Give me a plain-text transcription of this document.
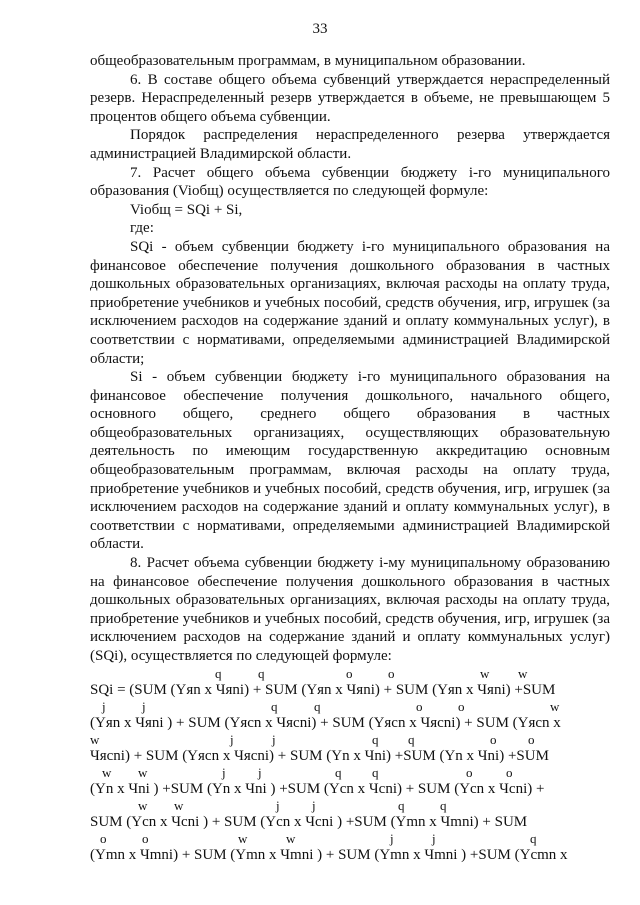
33

общеобразовательным программам, в муниципальном образовании.

6. В составе общего объема субвенций утверждается нераспределенный резерв. Нераспределенный резерв утверждается в объеме, не превышающем 5 процентов общего объема субвенции.

Порядок распределения нераспределенного резерва утверждается администрацией Владимирской области.

7. Расчет общего объема субвенции бюджету i-го муниципального образования (Viобщ) осуществляется по следующей формуле:

Viобщ = SQi + Si,

где:

SQi - объем субвенции бюджету i-го муниципального образования на финансовое обеспечение получения дошкольного образования в частных дошкольных образовательных организациях, включая расходы на оплату труда, приобретение учебников и учебных пособий, средств обучения, игр, игрушек (за исключением расходов на содержание зданий и оплату коммунальных услуг), в соответствии с нормативами, определяемыми администрацией Владимирской области;

Si - объем субвенции бюджету i-го муниципального образования на финансовое обеспечение получения дошкольного, начального общего, основного общего, среднего общего образования в частных общеобразовательных организациях, осуществляющих образовательную деятельность по имеющим государственную аккредитацию основным общеобразовательным программам, включая расходы на оплату труда, приобретение учебников и учебных пособий, средств обучения, игр, игрушек (за исключением расходов на содержание зданий и оплату коммунальных услуг), в соответствии с нормативами, определяемыми администрацией Владимирской области.

8. Расчет объема субвенции бюджету i-му муниципальному образованию на финансовое обеспечение получения дошкольного образования в частных дошкольных образовательных организациях, включая расходы на оплату труда, приобретение учебников и учебных пособий, средств обучения, игр, игрушек (за исключением расходов на содержание зданий и оплату коммунальных услуг) (SQi), осуществляется по следующей формуле:

q	q	o	o	w w
SQi = (SUM (Yяn x Чяni) + SUM (Yяn x Чяni) + SUM (Yяn x Чяni) +SUM
j	j	q	q	o	o	w
(Yяn x Чяni ) + SUM (Yясn x Чясni) + SUM (Yясn x Чясni) + SUM (Yясn x
w	j	j	q q	o o
Чясni) + SUM (Yясn x Чясni) + SUM (Yn x Чni) +SUM (Yn x Чni) +SUM
w w	j j	q q	o	o
(Yn x Чni ) +SUM (Yn x Чni ) +SUM (Ycn x Чcni) + SUM (Ycn x Чcni) +
w w	j j	q	q
SUM (Ycn x Чcni ) + SUM (Ycn x Чcni ) +SUM (Ymn x Чmni) + SUM
o	o	w	w	j	j	q
(Ymn x Чmni) + SUM (Ymn x Чmni ) + SUM (Ymn x Чmni ) +SUM (Ycmn x
